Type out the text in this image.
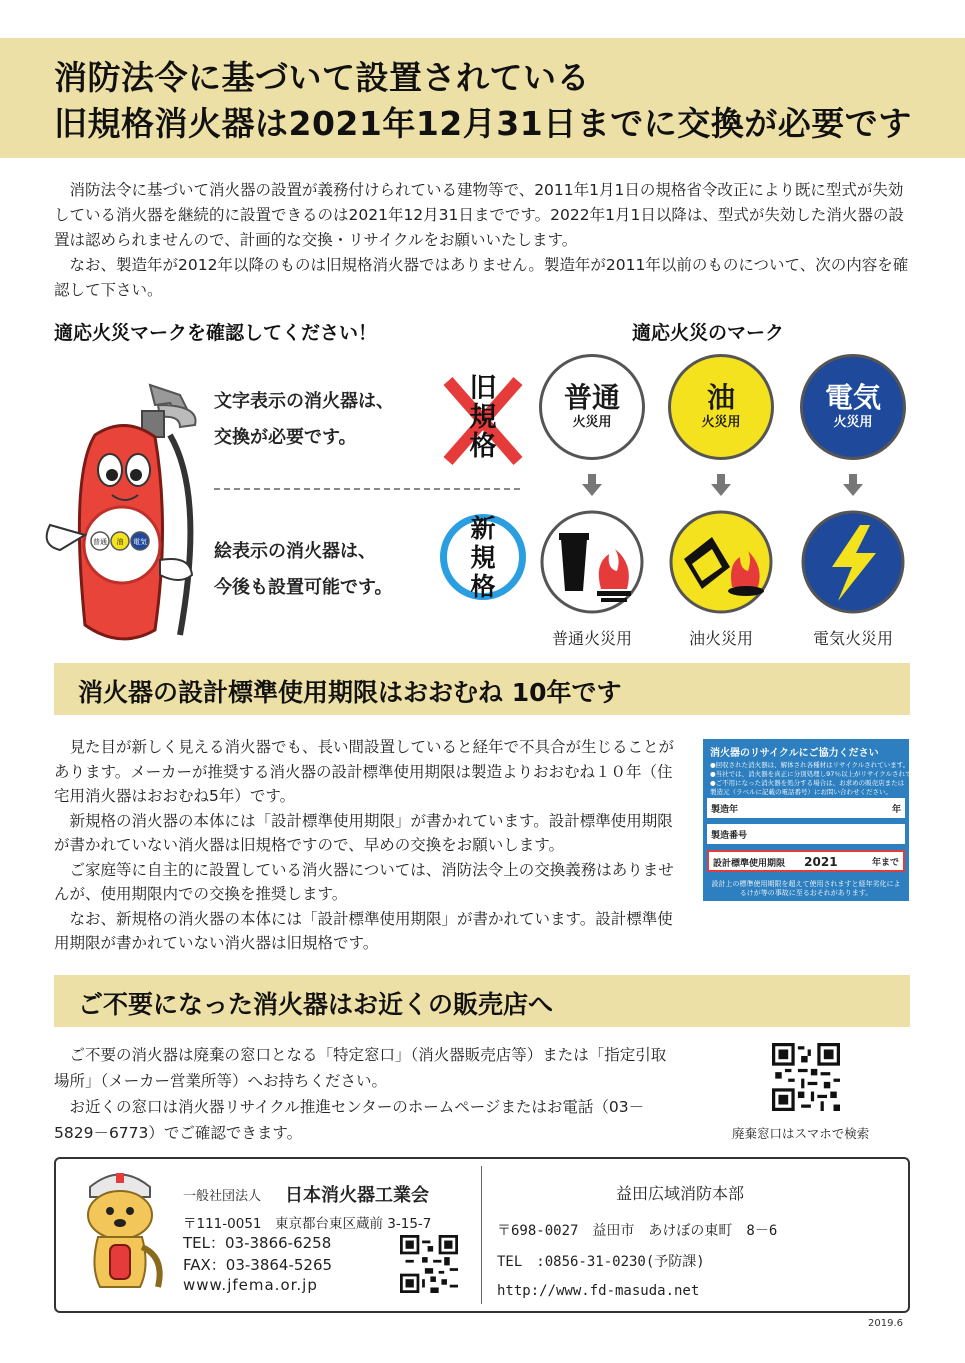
消防法令に基づいて設置されている
旧規格消火器は2021年12月31日までに交換が必要です

消防法令に基づいて消火器の設置が義務付けられている建物等で、2011年1月1日の規格省令改正により既に型式が失効している消火器を継続的に設置できるのは2021年12月31日までです。2022年1月1日以降は、型式が失効した消火器の設置は認められませんので、計画的な交換・リサイクルをお願いいたします。

なお、製造年が2012年以降のものは旧規格消火器ではありません。製造年が2011年以前のものについて、次の内容を確認して下さい。

適応火災マークを確認してください！	適応火災のマーク
普通 油 電気
文字表示の消火器は、
交換が必要です。
絵表示の消火器は、
今後も設置可能です。
旧規格
新規格
普通
火災用
油
火災用
電気
火災用
普通火災用	油火災用	電気火災用
消火器の設計標準使用期限はおおむね 10年です

見た目が新しく見える消火器でも、長い間設置していると経年で不具合が生じることがあります。メーカーが推奨する消火器の設計標準使用期限は製造よりおおむね１０年（住宅用消火器はおおむね5年）です。

新規格の消火器の本体には「設計標準使用期限」が書かれています。設計標準使用期限が書かれていない消火器は旧規格ですので、早めの交換をお願いします。

ご家庭等に自主的に設置している消火器については、消防法令上の交換義務はありませんが、使用期限内での交換を推奨します。

なお、新規格の消火器の本体には「設計標準使用期限」が書かれています。設計標準使用期限が書かれていない消火器は旧規格です。

消火器のリサイクルにご協力ください
●回収された消火器は、解体され各種材はリサイクルされています。
●当社では、消火器を真正に分別処理し97％以上がリサイクルされています。
●ご不用になった消火器を処分する場合は、お求めの販売店または
製造元（ラベルに記載の電話番号）にお問い合わせください。
製造年	年
製造番号
設計標準使用期限 2021	年まで
設計上の標準使用期限を超えて使用されますと経年劣化によるけが等の事故に至るおそれがあります。
ご不要になった消火器はお近くの販売店へ

ご不要の消火器は廃棄の窓口となる「特定窓口」（消火器販売店等）または「指定引取場所」（メーカー営業所等）へお持ちください。

お近くの窓口は消火器リサイクル推進センターのホームページまたはお電話（03－5829－6773）でご確認できます。	廃棄窓口はスマホで検索
一般社団法人 日本消火器工業会
〒111-0051　東京都台東区蔵前 3-15-7
TEL：03-3866-6258
FAX：03-3864-5265
www.jfema.or.jp
益田広域消防本部
〒698-0027　益田市　あけぼの東町　8－6
TEL　:0856-31-0230(予防課)
http://www.fd-masuda.net
2019.6
